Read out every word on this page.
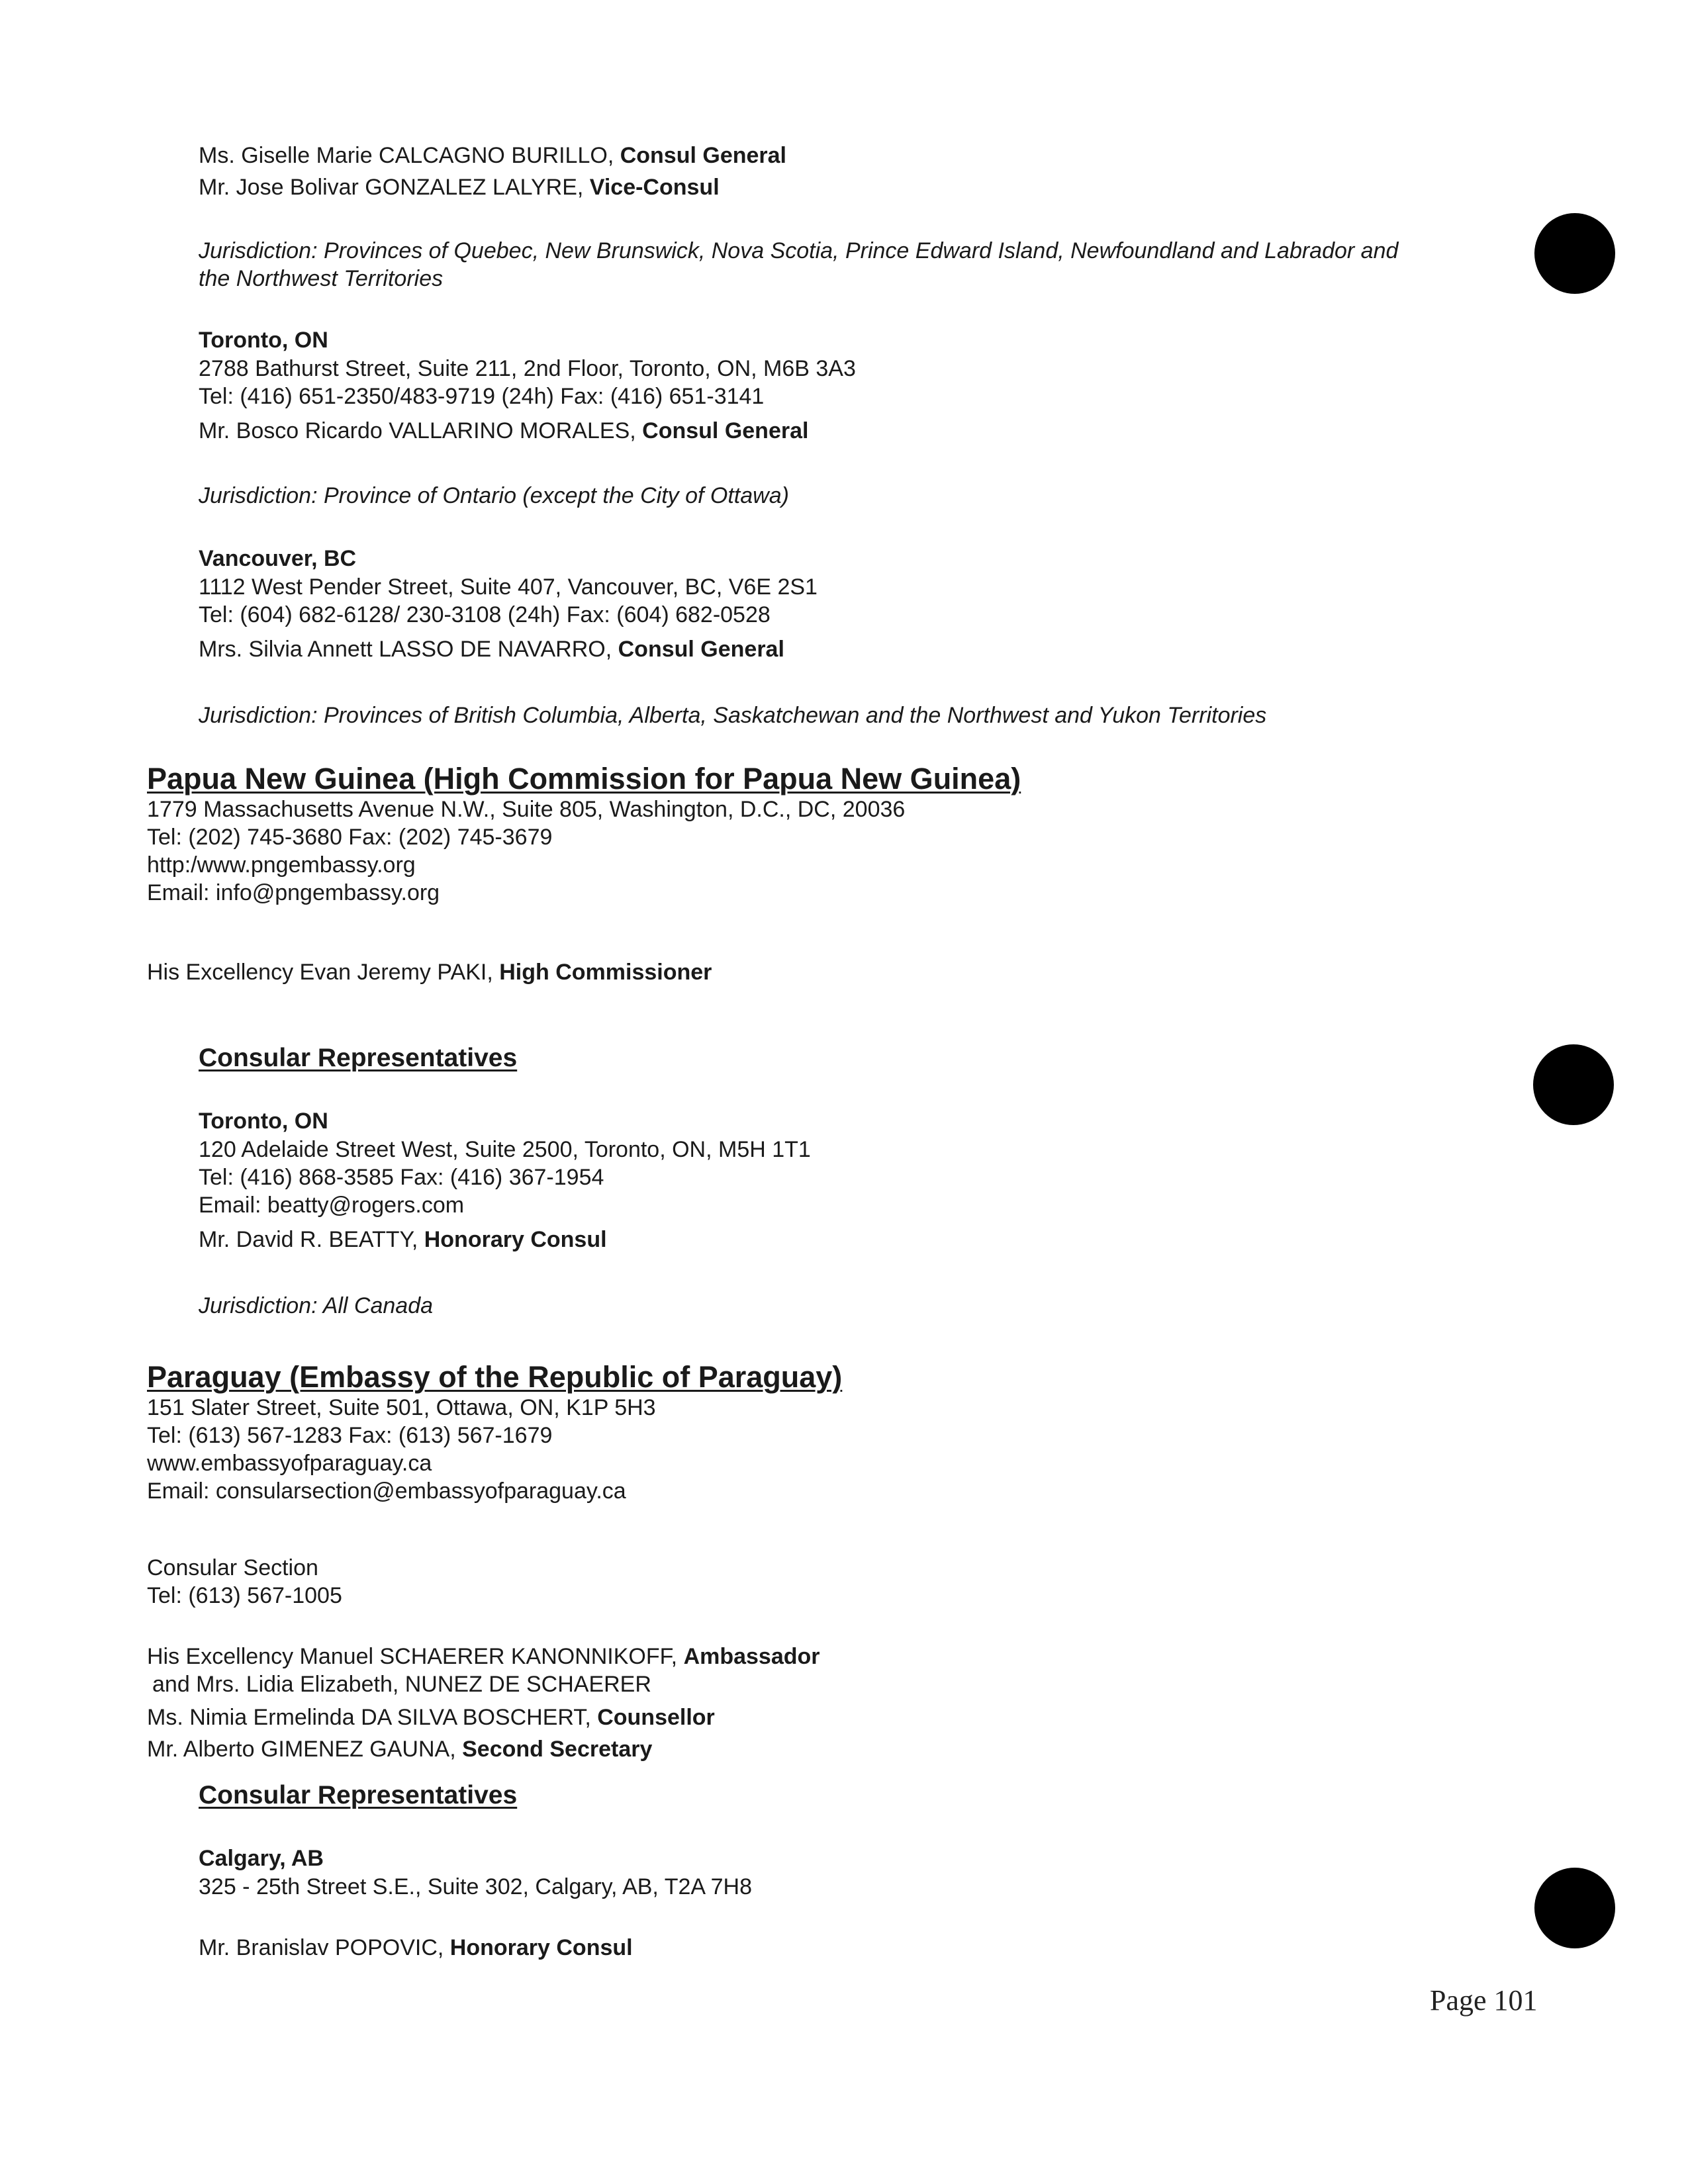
Ms. Giselle Marie CALCAGNO BURILLO, Consul General
Mr. Jose Bolivar GONZALEZ LALYRE, Vice-Consul
Jurisdiction: Provinces of Quebec, New Brunswick, Nova Scotia, Prince Edward Island, Newfoundland and Labrador and
the Northwest Territories
Toronto, ON
2788 Bathurst Street, Suite 211, 2nd Floor, Toronto, ON, M6B 3A3
Tel: (416) 651-2350/483-9719 (24h) Fax: (416) 651-3141
Mr. Bosco Ricardo VALLARINO MORALES, Consul General
Jurisdiction: Province of Ontario (except the City of Ottawa)
Vancouver, BC
1112 West Pender Street, Suite 407, Vancouver, BC, V6E 2S1
Tel: (604) 682-6128/ 230-3108 (24h) Fax: (604) 682-0528
Mrs. Silvia Annett LASSO DE NAVARRO, Consul General
Jurisdiction: Provinces of British Columbia, Alberta, Saskatchewan and the Northwest and Yukon Territories
Papua New Guinea (High Commission for Papua New Guinea)
1779 Massachusetts Avenue N.W., Suite 805, Washington, D.C., DC, 20036
Tel: (202) 745-3680 Fax: (202) 745-3679
http:/www.pngembassy.org
Email: info@pngembassy.org
His Excellency Evan Jeremy PAKI, High Commissioner
Consular Representatives
Toronto, ON
120 Adelaide Street West, Suite 2500, Toronto, ON, M5H 1T1
Tel: (416) 868-3585 Fax: (416) 367-1954
Email: beatty@rogers.com
Mr. David R. BEATTY, Honorary Consul
Jurisdiction: All Canada
Paraguay (Embassy of the Republic of Paraguay)
151 Slater Street, Suite 501, Ottawa, ON, K1P 5H3
Tel: (613) 567-1283 Fax: (613) 567-1679
www.embassyofparaguay.ca
Email: consularsection@embassyofparaguay.ca
Consular Section
Tel: (613) 567-1005
His Excellency Manuel SCHAERER KANONNIKOFF, Ambassador
and Mrs. Lidia Elizabeth, NUNEZ DE SCHAERER
Ms. Nimia Ermelinda DA SILVA BOSCHERT, Counsellor
Mr. Alberto GIMENEZ GAUNA, Second Secretary
Consular Representatives
Calgary, AB
325 - 25th Street S.E., Suite 302, Calgary, AB, T2A 7H8
Mr. Branislav POPOVIC, Honorary Consul
Page 101
